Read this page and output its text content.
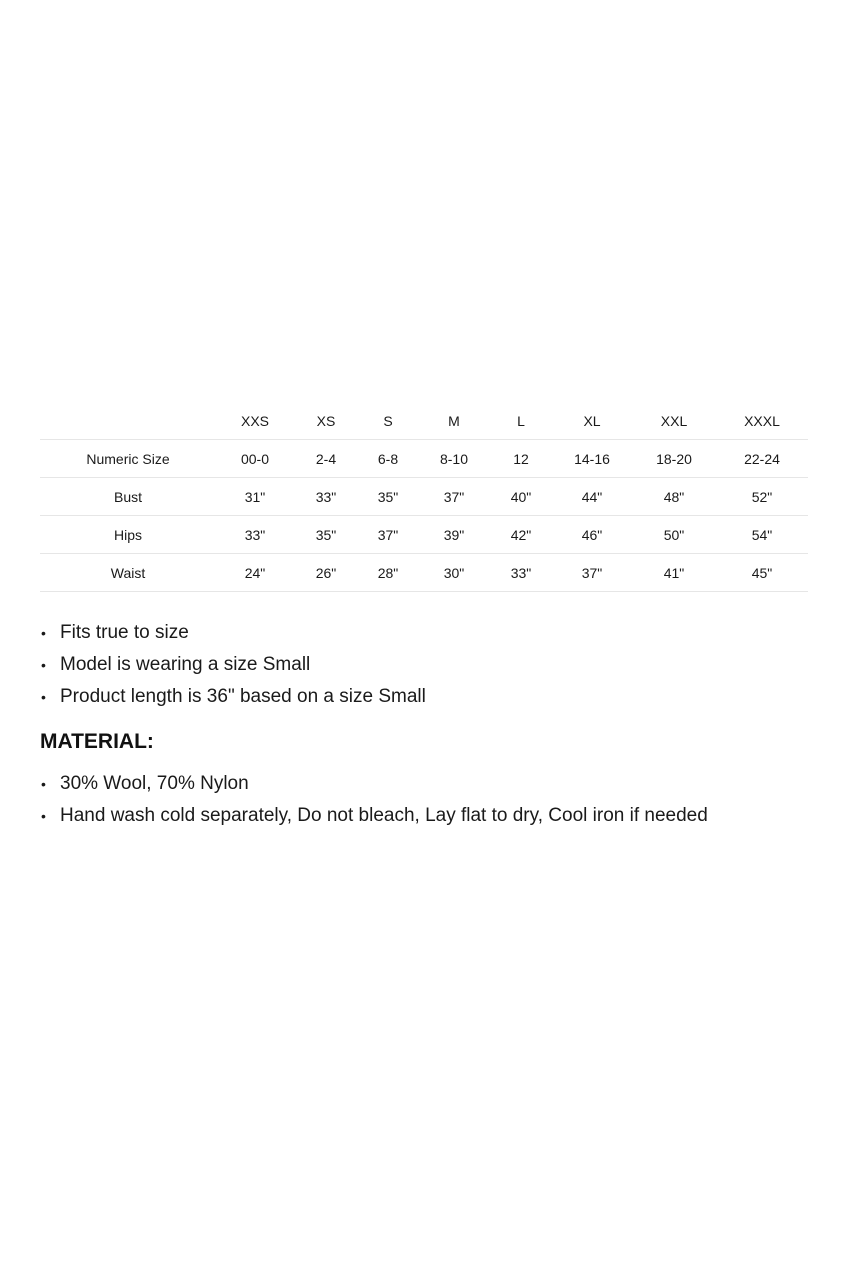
	XXS	XS	S	M	L	XL	XXL	XXXL
Numeric Size	00-0	2-4	6-8	8-10	12	14-16	18-20	22-24
Bust	31"	33"	35"	37"	40"	44"	48"	52"
Hips	33"	35"	37"	39"	42"	46"	50"	54"
Waist	24"	26"	28"	30"	33"	37"	41"	45"
• Fits true to size
• Model is wearing a size Small
• Product length is 36" based on a size Small
MATERIAL:
• 30% Wool, 70% Nylon
• Hand wash cold separately, Do not bleach, Lay flat to dry, Cool iron if needed
